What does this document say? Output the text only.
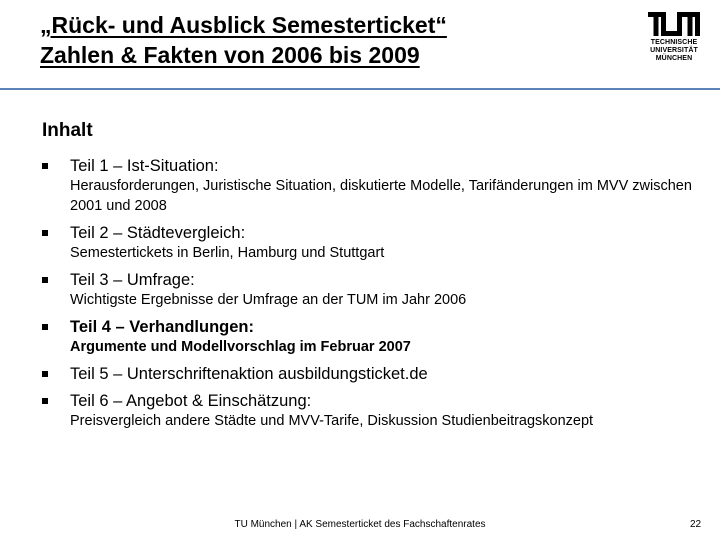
„Rück- und Ausblick Semesterticket“
Zahlen & Fakten von 2006 bis 2009	TECHNISCHE
UNIVERSITÄT
MÜNCHEN
Inhalt
Teil 1 – Ist-Situation:
Herausforderungen, Juristische Situation, diskutierte Modelle, Tarifänderungen im MVV zwischen 2001 und 2008
Teil 2 – Städtevergleich:
Semestertickets in Berlin, Hamburg und Stuttgart
Teil 3 – Umfrage:
Wichtigste Ergebnisse der Umfrage an der TUM im Jahr 2006
Teil 4 – Verhandlungen:
Argumente und Modellvorschlag im Februar 2007
Teil 5 – Unterschriftenaktion ausbildungsticket.de
Teil 6 – Angebot & Einschätzung:
Preisvergleich andere Städte und MVV-Tarife, Diskussion Studienbeitragskonzept
TU München | AK Semesterticket des Fachschaftenrates	22
